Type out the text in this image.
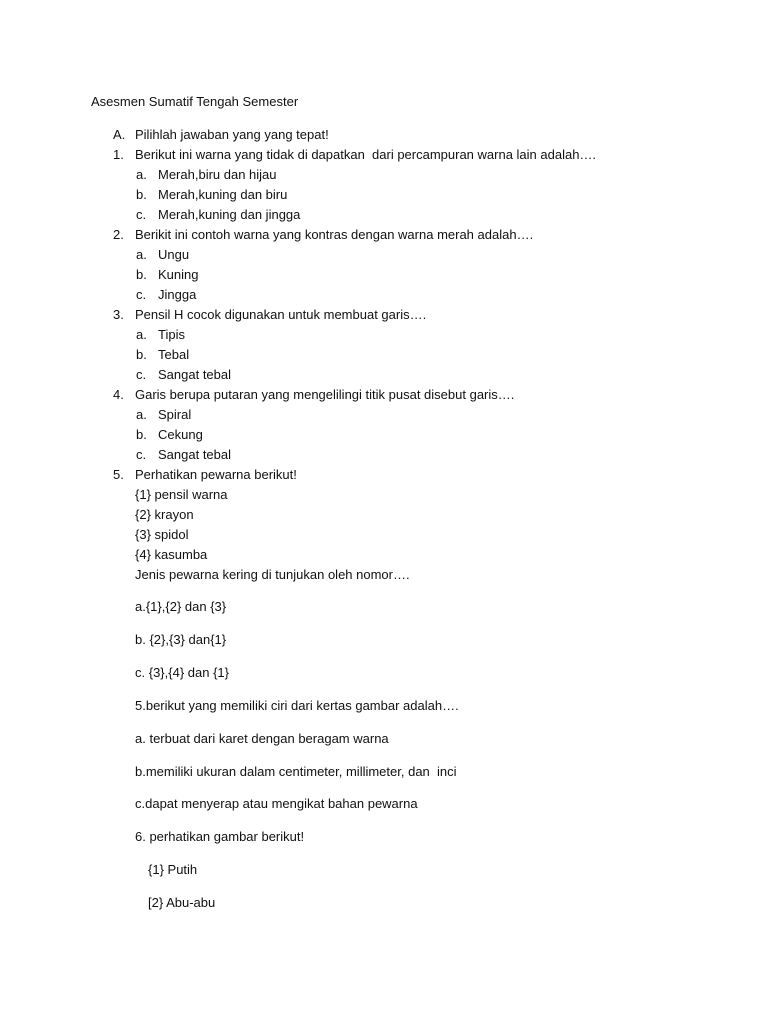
Asesmen Sumatif Tengah Semester
A. Pilihlah jawaban yang yang tepat!
1. Berikut ini warna yang tidak di dapatkan  dari percampuran warna lain adalah….
a. Merah,biru dan hijau
b. Merah,kuning dan biru
c. Merah,kuning dan jingga
2. Berikit ini contoh warna yang kontras dengan warna merah adalah….
a. Ungu
b. Kuning
c. Jingga
3. Pensil H cocok digunakan untuk membuat garis….
a. Tipis
b. Tebal
c. Sangat tebal
4. Garis berupa putaran yang mengelilingi titik pusat disebut garis….
a. Spiral
b. Cekung
c. Sangat tebal
5. Perhatikan pewarna berikut!
{1} pensil warna
{2} krayon
{3} spidol
{4} kasumba
Jenis pewarna kering di tunjukan oleh nomor….
a.{1},{2} dan {3}
b. {2},{3} dan{1}
c. {3},{4} dan {1}
5.berikut yang memiliki ciri dari kertas gambar adalah….
a. terbuat dari karet dengan beragam warna
b.memiliki ukuran dalam centimeter, millimeter, dan  inci
c.dapat menyerap atau mengikat bahan pewarna
6. perhatikan gambar berikut!
{1} Putih
[2} Abu-abu
